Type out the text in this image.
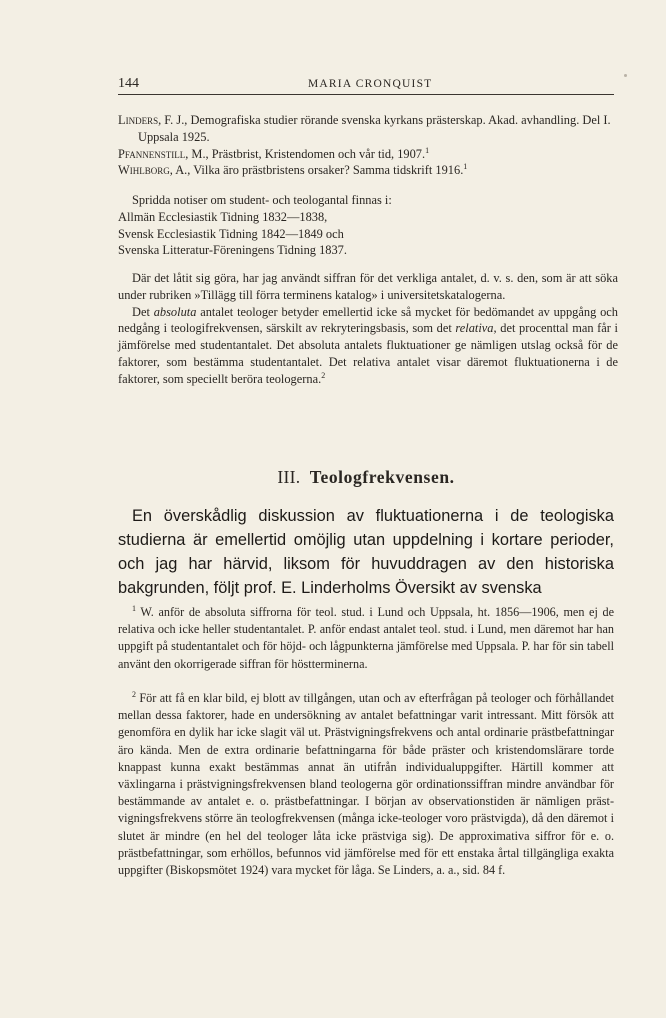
144	MARIA CRONQUIST

Linders, F. J., Demografiska studier rörande svenska kyrkans prästerskap. Akad. avhandling. Del I. Uppsala 1925.

Pfannenstill, M., Prästbrist, Kristendomen och vår tid, 1907.$^1$

Wihlborg, A., Vilka äro prästbristens orsaker? Samma tidskrift 1916.$^1$

Spridda notiser om student- och teologantal finnas i:

Allmän Ecclesiastik Tidning 1832—1838,

Svensk Ecclesiastik Tidning 1842—1849 och

Svenska Litteratur-Föreningens Tidning 1837.

Där det låtit sig göra, har jag användt siffran för det verkliga antalet, d. v. s. den, som är att söka under rubriken »Tillägg till förra terminens katalog» i universitetskatalogerna.

Det absoluta antalet teologer betyder emellertid icke så mycket för bedömandet av uppgång och nedgång i teologifrekvensen, särskilt av rekryteringsbasis, som det relativa, det procenttal man får i jämförelse med studentantalet. Det absoluta antalets fluktuationer ge nämligen utslag också för de faktorer, som bestämma studentantalet. Det relativa antalet visar däremot fluktuationerna i de faktorer, som speciellt beröra teologerna.$^2$

III. Teologfrekvensen.

En överskådlig diskussion av fluktuationerna i de teologiska studierna är emellertid omöjlig utan uppdelning i kortare perioder, och jag har härvid, liksom för huvuddragen av den historiska bakgrunden, följt prof. E. Linderholms Översikt av svenska

$^1$ W. anför de absoluta siffrorna för teol. stud. i Lund och Uppsala, ht. 1856—1906, men ej de relativa och icke heller studentantalet. P. anför endast antalet teol. stud. i Lund, men däremot har han uppgift på studentantalet och för höjd- och lågpunkterna jämförelse med Uppsala. P. har för sin tabell använt den okorrigerade siffran för höstterminerna.

$^2$ För att få en klar bild, ej blott av tillgången, utan och av efterfrågan på teologer och förhållandet mellan dessa faktorer, hade en undersökning av antalet befattningar varit intressant. Mitt försök att genomföra en dylik har icke slagit väl ut. Prästvigningsfrekvens och antal ordinarie prästbefattningar äro kända. Men de extra ordinarie befattningarna för både präster och kristendomslärare torde knappast kunna exakt bestämmas annat än utifrån individualuppgifter. Härtill kommer att växlingarna i prästvigningsfrekvensen bland teologerna gör ordinationssiffran mindre användbar för bestämmande av antalet e. o. prästbefattningar. I början av observationstiden är nämligen prästvigningsfrekvens större än teologfrekvensen (många icke-teologer voro prästvigda), då den däremot i slutet är mindre (en hel del teologer låta icke prästviga sig). De approximativa siffror för e. o. prästbefattningar, som erhöllos, befunnos vid jämförelse med för ett enstaka årtal tillgängliga exakta uppgifter (Biskopsmötet 1924) vara mycket för låga. Se Linders, a. a., sid. 84 f.
